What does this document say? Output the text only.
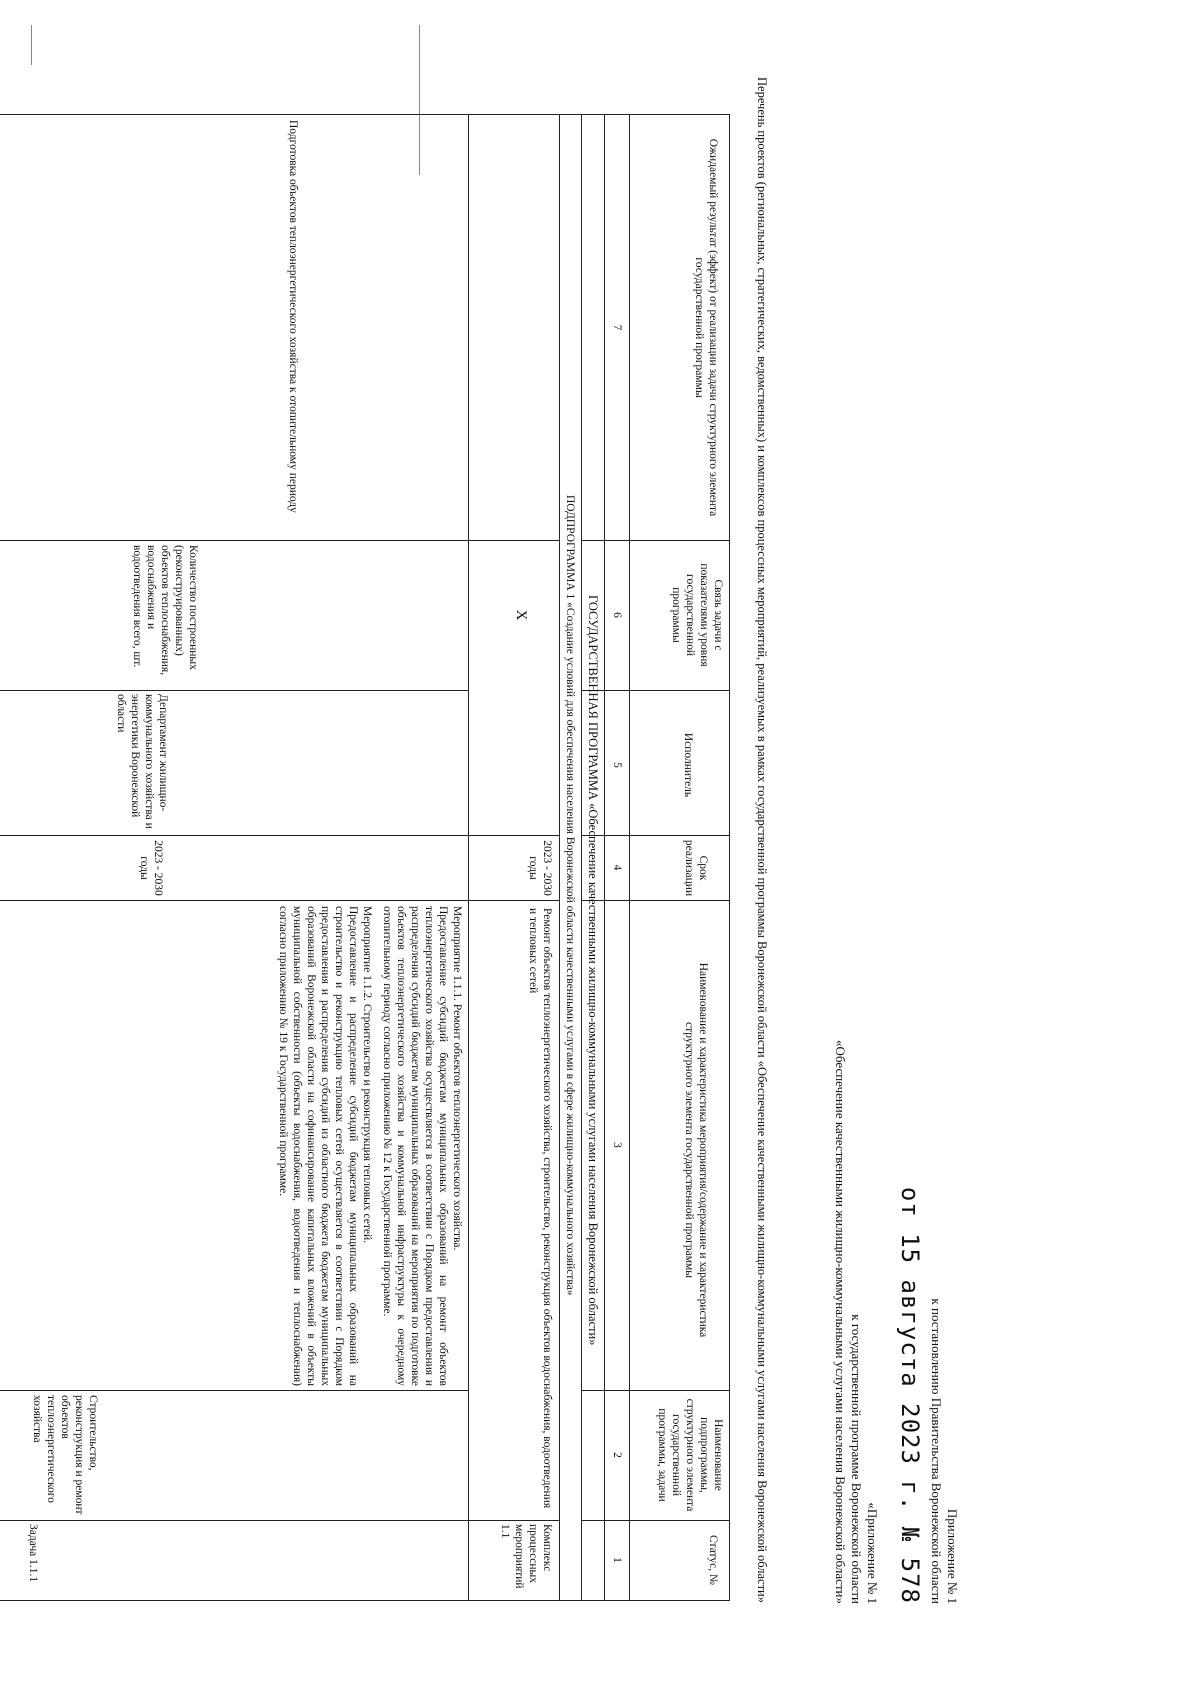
Приложение № 1
к постановлению Правительства Воронежской области
от 15 августа 2023 г. № 578
«Приложение № 1
к государственной программе Воронежской области
«Обеспечение качественными жилищно-коммунальными услугами населения Воронежской области»
Перечень проектов (региональных, стратегических, ведомственных) и комплексов процессных мероприятий, реализуемых в рамках государственной программы Воронежской области «Обеспечение качественными жилищно-коммунальными услугами населения Воронежской области»
Статус, №
Наименование подпрограммы, структурного элемента государственной программы, задачи
Наименование и характеристика мероприятия/содержание и характеристика структурного элемента государственной программы
Срок реализации
Исполнитель
Связь задачи с показателями уровня государственной программы
Ожидаемый результат (эффект) от реализации задачи структурного элемента государственной программы
1
2
3
4
5
6
7
ГОСУДАРСТВЕННАЯ ПРОГРАММА «Обеспечение качественными жилищно-коммунальными услугами населения Воронежской области»
ПОДПРОГРАММА 1 «Создание условий для обеспечения населения Воронежской области качественными услугами в сфере жилищно-коммунального хозяйства»
Комплекс процессных мероприятий 1.1
Ремонт объектов теплоэнергетического хозяйства, строительство, реконструкция объектов водоснабжения, водоотведения и тепловых сетей
2023 - 2030 годы
X
Задача 1.1.1
Строительство, реконструкция и ремонт объектов теплоэнергетического хозяйства
Мероприятие 1.1.1. Ремонт объектов теплоэнергетического хозяйства.
Предоставление субсидий бюджетам муниципальных образований на ремонт объектов теплоэнергетического хозяйства осуществляется в соответствии с Порядком предоставления и распределения субсидий бюджетам муниципальных образований на мероприятия по подготовке объектов теплоэнергетического хозяйства и коммунальной инфраструктуры к очередному отопительному периоду согласно приложению № 12 к Государственной программе.
Мероприятие 1.1.2. Строительство и реконструкция тепловых сетей.
Предоставление и распределение субсидий бюджетам муниципальных образований на строительство и реконструкцию тепловых сетей осуществляется в соответствии с Порядком предоставления и распределения субсидий из областного бюджета бюджетам муниципальных образований Воронежской области на софинансирование капитальных вложений в объекты муниципальной собственности (объекты водоснабжения, водоотведения и теплоснабжения) согласно приложению № 19 к Государственной программе.
2023 - 2030 годы
Департамент жилищно-коммунального хозяйства и энергетики Воронежской области
Количество построенных (реконструированных) объектов теплоснабжения, водоснабжения и водоотведения всего, шт.
Подготовка объектов теплоэнергетического хозяйства к отопительному периоду
